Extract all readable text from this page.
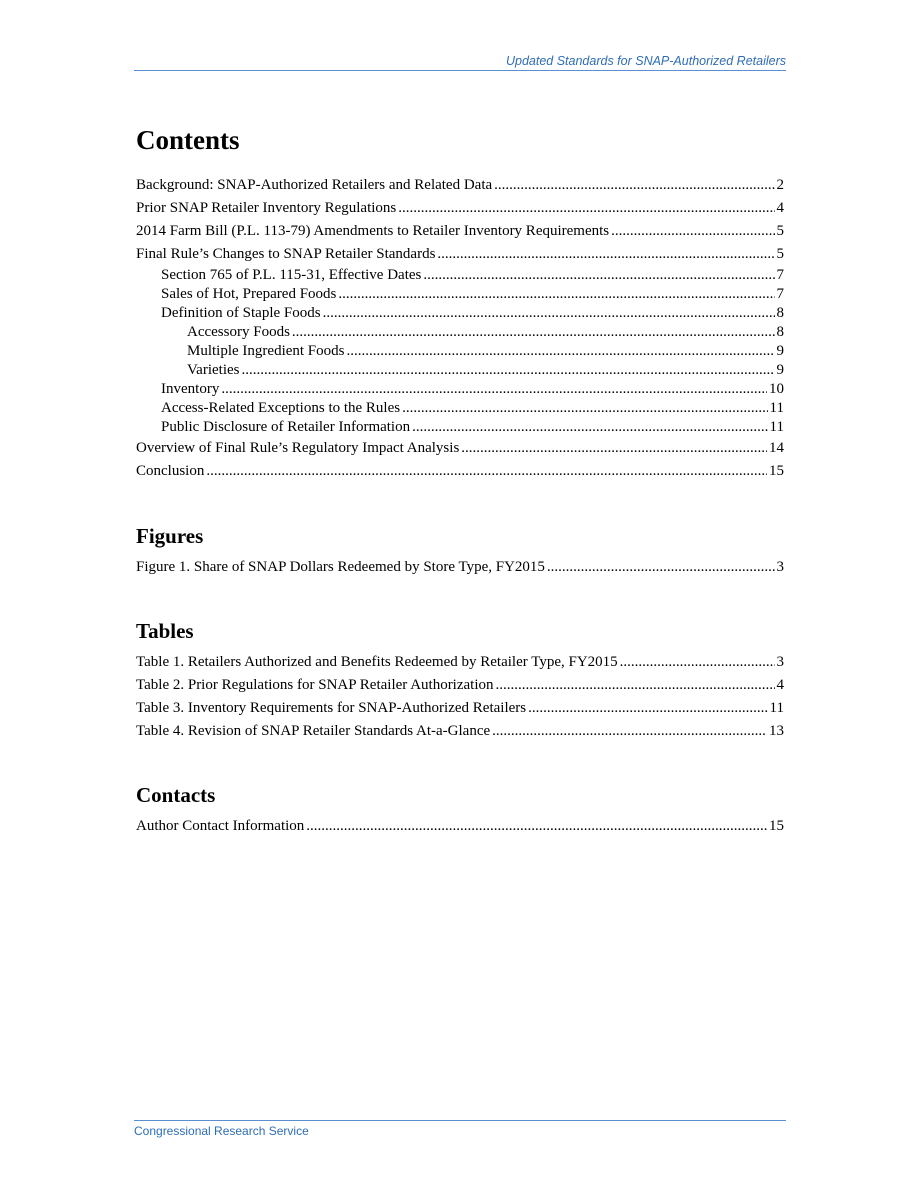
Updated Standards for SNAP-Authorized Retailers
Contents
Background: SNAP-Authorized Retailers and Related Data .....	2
Prior SNAP Retailer Inventory Regulations .....	4
2014 Farm Bill (P.L. 113-79) Amendments to Retailer Inventory Requirements .....	5
Final Rule’s Changes to SNAP Retailer Standards .....	5
Section 765 of P.L. 115-31, Effective Dates .....	7
Sales of Hot, Prepared Foods .....	7
Definition of Staple Foods .....	8
Accessory Foods .....	8
Multiple Ingredient Foods .....	9
Varieties .....	9
Inventory .....	10
Access-Related Exceptions to the Rules .....	11
Public Disclosure of Retailer Information .....	11
Overview of Final Rule’s Regulatory Impact Analysis .....	14
Conclusion .....	15
Figures
Figure 1. Share of SNAP Dollars Redeemed by Store Type, FY2015 .....	3
Tables
Table 1. Retailers Authorized and Benefits Redeemed by Retailer Type, FY2015 .....	3
Table 2. Prior Regulations for SNAP Retailer Authorization .....	4
Table 3. Inventory Requirements for SNAP-Authorized Retailers .....	11
Table 4. Revision of SNAP Retailer Standards At-a-Glance .....	13
Contacts
Author Contact Information .....	15
Congressional Research Service
